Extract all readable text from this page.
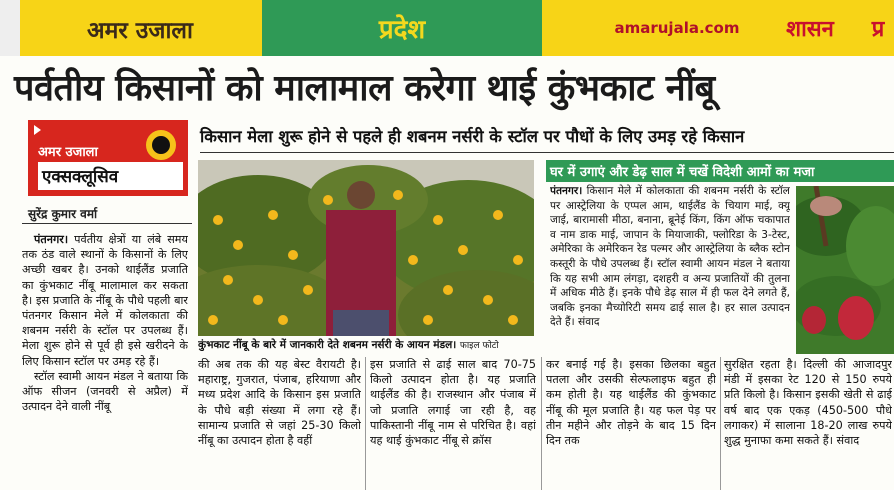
अमर उजाला	प्रदेश	amarujala.com	शासन	प्र
पर्वतीय किसानों को मालामाल करेगा थाई कुंभकाट नींबू
अमर उजाला
एक्सक्लूसिव
किसान मेला शुरू होने से पहले ही शबनम नर्सरी के स्टॉल पर पौधों के लिए उमड़ रहे किसान
सुरेंद्र कुमार वर्मा

पंतनगर। पर्वतीय क्षेत्रों या लंबे समय तक ठंड वाले स्थानों के किसानों के लिए अच्छी खबर है। उनको थाईलैंड प्रजाति का कुंभकाट नींबू मालामाल कर सकता है। इस प्रजाति के नींबू के पौधे पहली बार पंतनगर किसान मेले में कोलकाता की शबनम नर्सरी के स्टॉल पर उपलब्ध हैं। मेला शुरू होने से पूर्व ही इसे खरीदने के लिए किसान स्टॉल पर उमड़ रहे हैं।

स्टॉल स्वामी आयन मंडल ने बताया कि ऑफ सीजन (जनवरी से अप्रैल) में उत्पादन देने वाली नींबू

कुंभकाट नींबू के बारे में जानकारी देते शबनम नर्सरी के आयन मंडल। फाइल फोटो
की अब तक की यह बेस्ट वैरायटी है। महाराष्ट्र, गुजरात, पंजाब, हरियाणा और मध्य प्रदेश आदि के किसान इस प्रजाति के पौधे बड़ी संख्या में लगा रहे हैं। सामान्य प्रजाति से जहां 25-30 किलो नींबू का उत्पादन होता है वहीं
इस प्रजाति से ढाई साल बाद 70-75 किलो उत्पादन होता है। यह प्रजाति थाईलैंड की है। राजस्थान और पंजाब में जो प्रजाति लगाई जा रही है, वह पाकिस्तानी नींबू नाम से परिचित है। वहां यह थाई कुंभकाट नींबू से क्रॉस
कर बनाई गई है। इसका छिलका बहुत पतला और उसकी सेल्फलाइफ बहुत ही कम होती है। यह थाईलैंड की कुंभकाट नींबू की मूल प्रजाति है। यह फल पेड़ पर तीन महीने और तोड़ने के बाद 15 दिन दिन तक
सुरक्षित रहता है। दिल्ली की आजादपुर मंडी में इसका रेट 120 से 150 रुपये प्रति किलो है। किसान इसकी खेती से ढाई वर्ष बाद एक एकड़ (450-500 पौधे लगाकर) में सालाना 18-20 लाख रुपये शुद्ध मुनाफा कमा सकते हैं। संवाद
घर में उगाएं और डेढ़ साल में चखें विदेशी आमों का मजा
पंतनगर। किसान मेले में कोलकाता की शबनम नर्सरी के स्टॉल पर आस्ट्रेलिया के एप्पल आम, थाईलैंड के चियाग माई, क्यू जाई, बारामासी मीठा, बनाना, ब्रूनेई किंग, किंग ऑफ चकापात व नाम डाक माई, जापान के मियाजाकी, फ्लोरिडा के 3-टेस्ट, अमेरिका के अमेरिकन रेड पल्मर और आस्ट्रेलिया के ब्लैक स्टोन कस्तूरी के पौधे उपलब्ध हैं। स्टॉल स्वामी आयन मंडल ने बताया कि यह सभी आम लंगड़ा, दशहरी व अन्य प्रजातियों की तुलना में अधिक मीठे हैं। इनके पौधे डेढ़ साल में ही फल देने लगते हैं, जबकि इनका मैच्योरिटी समय ढाई साल है। हर साल उत्पादन देते हैं। संवाद
